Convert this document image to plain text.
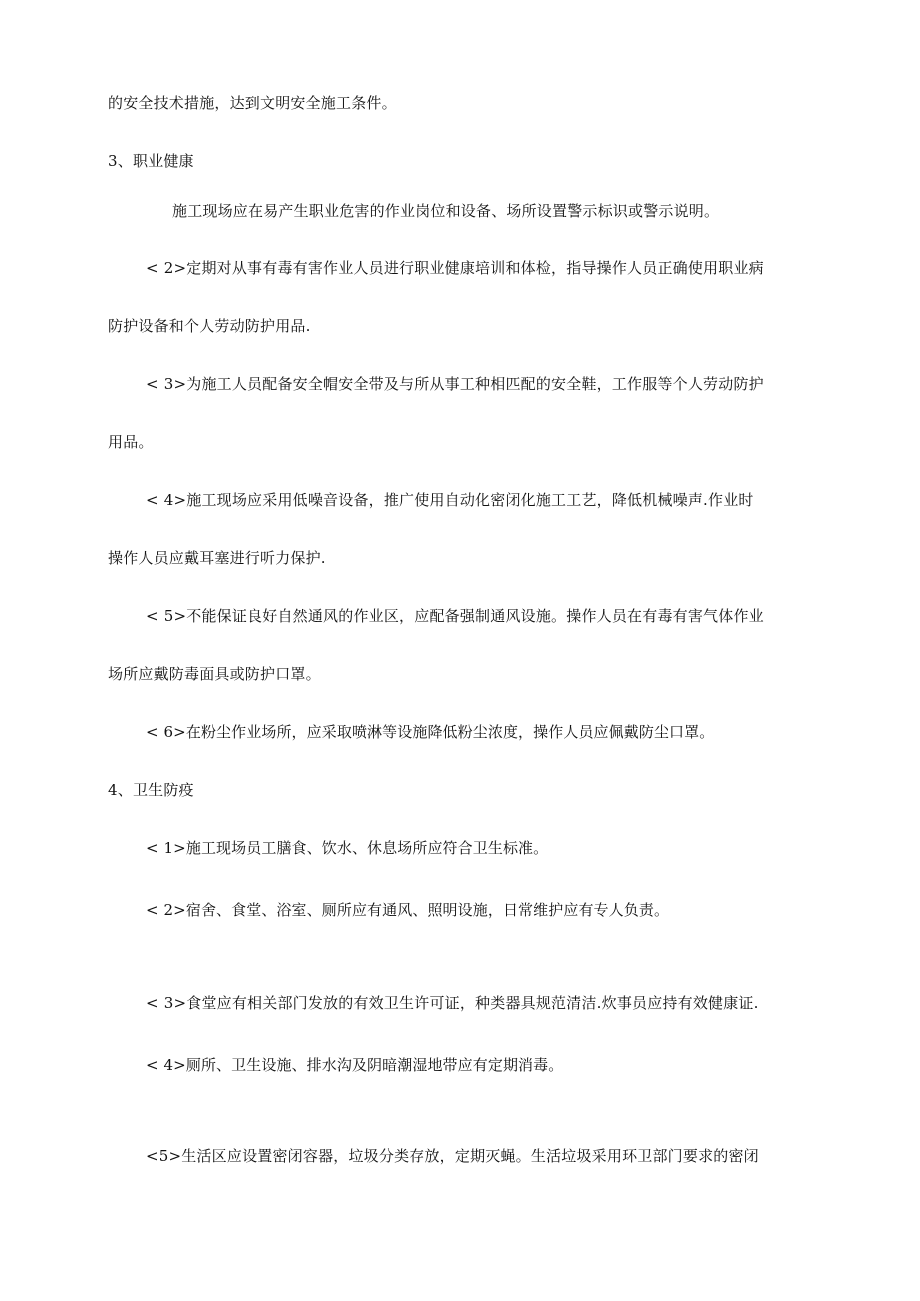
的安全技术措施，达到文明安全施工条件。
3、职业健康
施工现场应在易产生职业危害的作业岗位和设备、场所设置警示标识或警示说明。
< 2>定期对从事有毒有害作业人员进行职业健康培训和体检，指导操作人员正确使用职业病
防护设备和个人劳动防护用品.
< 3>为施工人员配备安全帽安全带及与所从事工种相匹配的安全鞋，工作服等个人劳动防护
用品。
< 4>施工现场应采用低噪音设备，推广使用自动化密闭化施工工艺，降低机械噪声.作业时
操作人员应戴耳塞进行听力保护.
< 5>不能保证良好自然通风的作业区，应配备强制通风设施。操作人员在有毒有害气体作业
场所应戴防毒面具或防护口罩。
< 6>在粉尘作业场所，应采取喷淋等设施降低粉尘浓度，操作人员应佩戴防尘口罩。
4、卫生防疫
< 1>施工现场员工膳食、饮水、休息场所应符合卫生标准。
< 2>宿舍、食堂、浴室、厕所应有通风、照明设施，日常维护应有专人负责。
< 3>食堂应有相关部门发放的有效卫生许可证，种类器具规范清洁.炊事员应持有效健康证.
< 4>厕所、卫生设施、排水沟及阴暗潮湿地带应有定期消毒。
<5>生活区应设置密闭容器，垃圾分类存放，定期灭蝇。生活垃圾采用环卫部门要求的密闭
